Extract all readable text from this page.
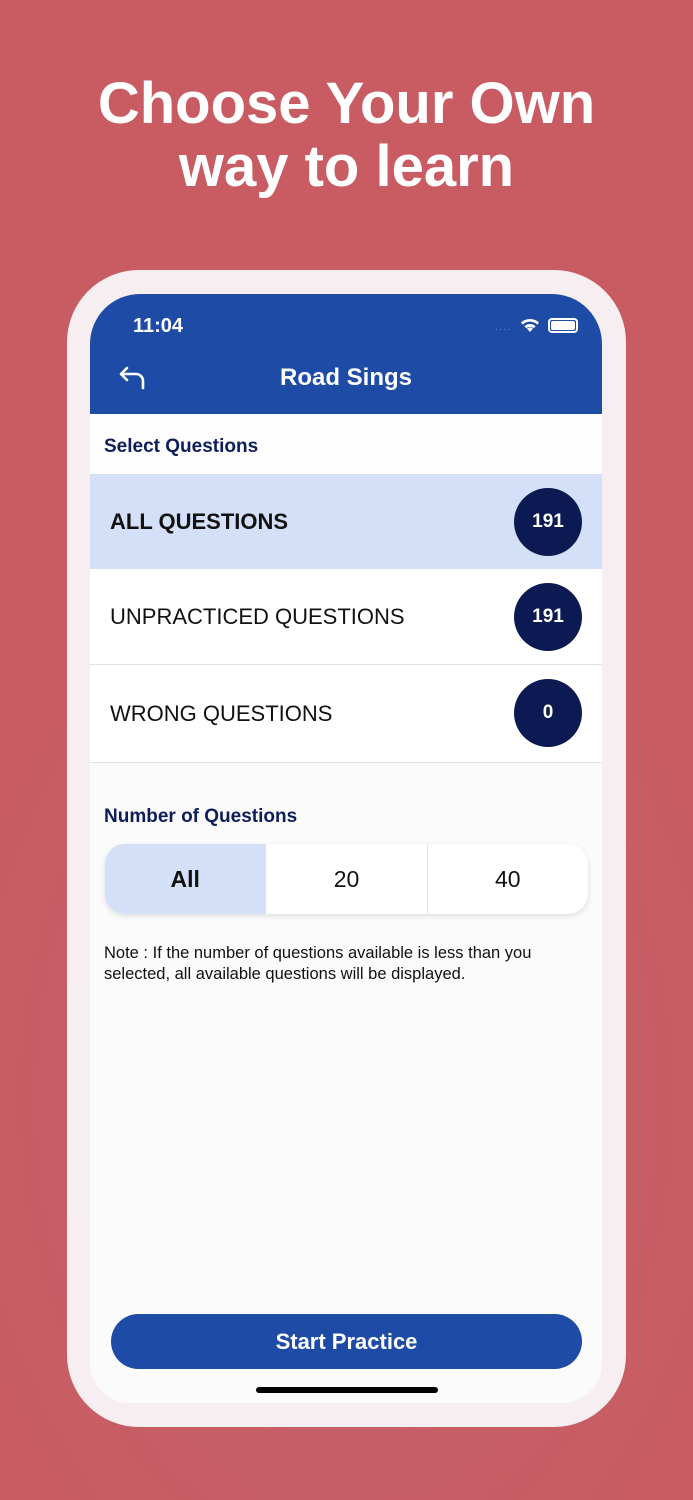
Choose Your Own
way to learn
11:04	....
Road Sings
Select Questions
ALL QUESTIONS	191
UNPRACTICED QUESTIONS	191
WRONG QUESTIONS	0
Number of Questions
All	20	40
Note : If the number of questions available is less than you selected, all available questions will be displayed.
Start Practice
